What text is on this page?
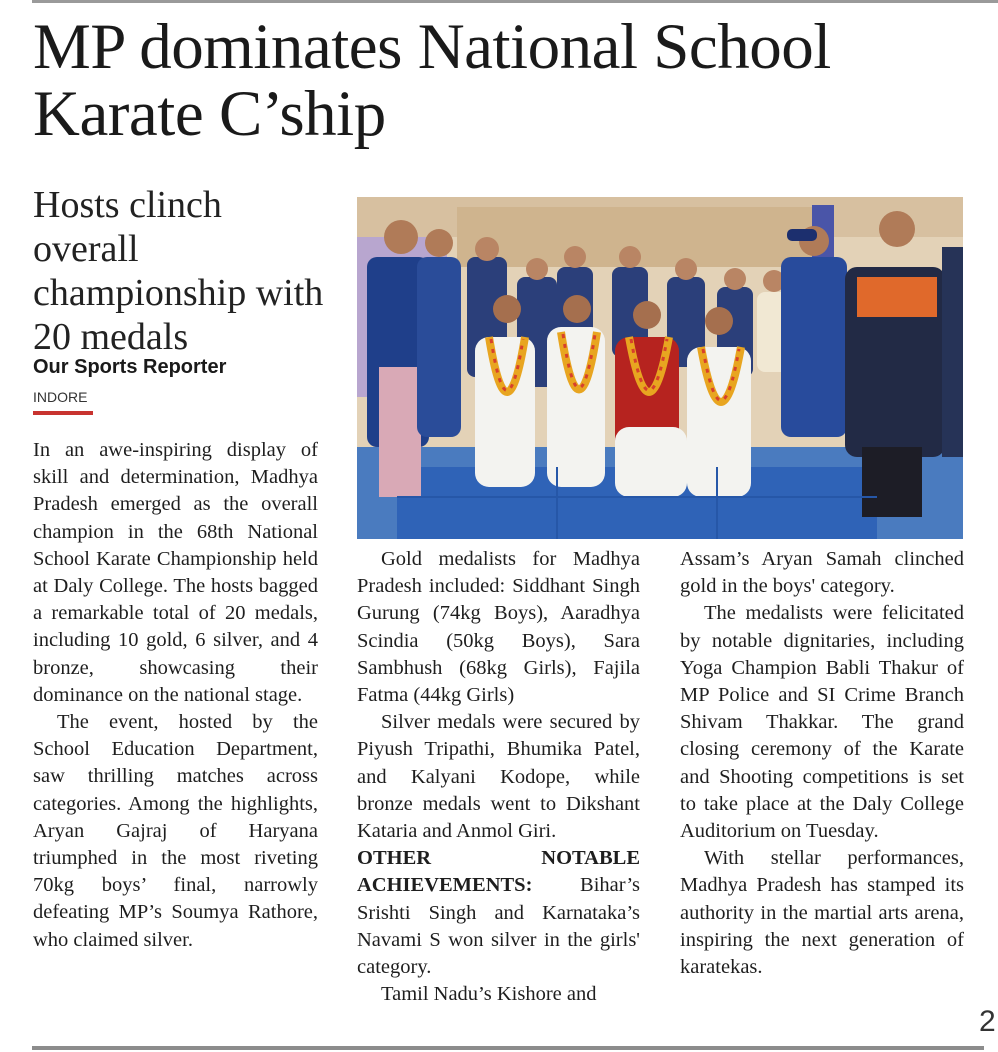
MP dominates National School Karate C’ship
Hosts clinch overall championship with 20 medals
Our Sports Reporter
INDORE

In an awe-inspiring display of skill and determination, Madhya Pradesh emerged as the overall champion in the 68th National School Karate Championship held at Daly College. The hosts bagged a remarkable total of 20 medals, including 10 gold, 6 silver, and 4 bronze, showcasing their dominance on the national stage.

The event, hosted by the School Education Department, saw thrilling matches across categories. Among the highlights, Aryan Gajraj of Haryana triumphed in the most riveting 70kg boys’ final, narrowly defeating MP’s Soumya Rathore, who claimed silver.

Gold medalists for Madhya Pradesh included: Siddhant Singh Gurung (74kg Boys), Aaradhya Scindia (50kg Boys), Sara Sambhush (68kg Girls), Fajila Fatma (44kg Girls)

Silver medals were secured by Piyush Tripathi, Bhumika Patel, and Kalyani Kodope, while bronze medals went to Dikshant Kataria and Anmol Giri.

OTHER NOTABLE ACHIEVEMENTS: Bihar’s Srishti Singh and Karnataka’s Navami S won silver in the girls' category.

Tamil Nadu’s Kishore and

Assam’s Aryan Samah clinched gold in the boys' category.

The medalists were felicitated by notable dignitaries, including Yoga Champion Babli Thakur of MP Police and SI Crime Branch Shivam Thakkar. The grand closing ceremony of the Karate and Shooting competitions is set to take place at the Daly College Auditorium on Tuesday.

With stellar performances, Madhya Pradesh has stamped its authority in the martial arts arena, inspiring the next generation of karatekas.

2
